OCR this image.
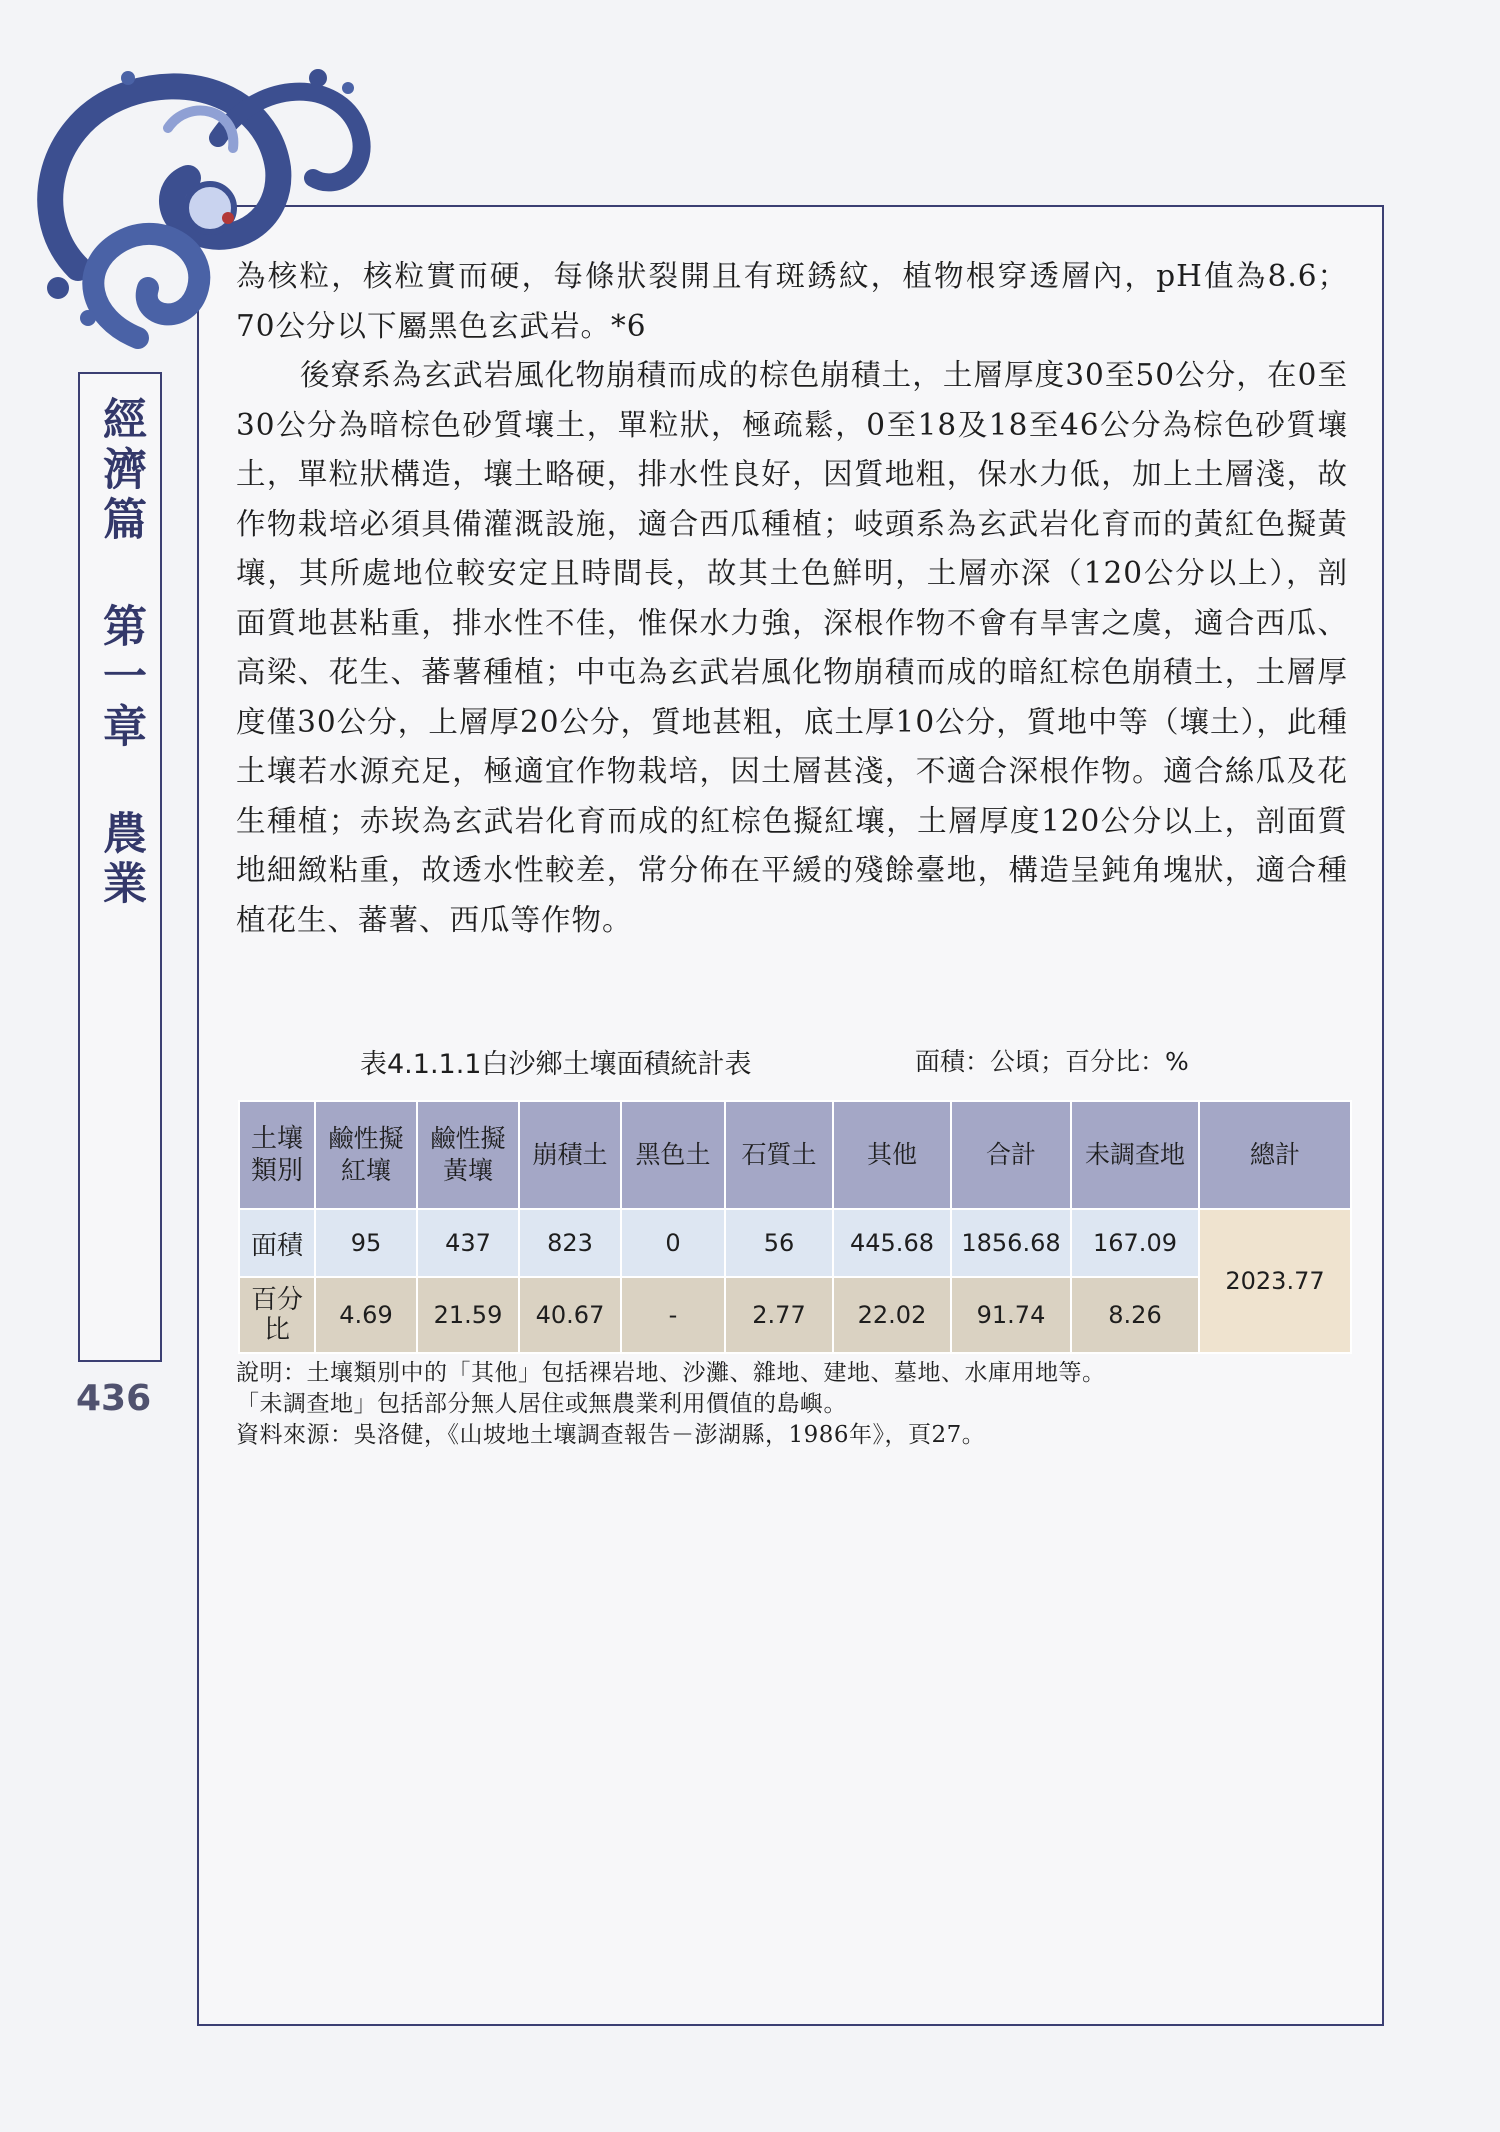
經濟篇 第一章 農業
436

為核粒，核粒實而硬，每條狀裂開且有斑銹紋，植物根穿透層內，pH值為8.6；70公分以下屬黑色玄武岩。*6

後寮系為玄武岩風化物崩積而成的棕色崩積土，土層厚度30至50公分，在0至30公分為暗棕色砂質壤土，單粒狀，極疏鬆，0至18及18至46公分為棕色砂質壤土，單粒狀構造，壤土略硬，排水性良好，因質地粗，保水力低，加上土層淺，故作物栽培必須具備灌溉設施，適合西瓜種植；岐頭系為玄武岩化育而的黃紅色擬黃壤，其所處地位較安定且時間長，故其土色鮮明，土層亦深（120公分以上），剖面質地甚粘重，排水性不佳，惟保水力強，深根作物不會有旱害之虞，適合西瓜、高梁、花生、蕃薯種植；中屯為玄武岩風化物崩積而成的暗紅棕色崩積土，土層厚度僅30公分，上層厚20公分，質地甚粗，底土厚10公分，質地中等（壤土），此種土壤若水源充足，極適宜作物栽培，因土層甚淺，不適合深根作物。適合絲瓜及花生種植；赤崁為玄武岩化育而成的紅棕色擬紅壤，土層厚度120公分以上，剖面質地細緻粘重，故透水性較差，常分佈在平緩的殘餘臺地，構造呈鈍角塊狀，適合種植花生、蕃薯、西瓜等作物。

表4.1.1.1白沙鄉土壤面積統計表	面積：公頃；百分比：%
土壤類別	鹼性擬紅壤	鹼性擬黃壤	崩積土	黑色土	石質土	其他	合計	未調查地	總計
面積	95	437	823	0	56	445.68	1856.68	167.09	2023.77
百分比	4.69	21.59	40.67	-	2.77	22.02	91.74	8.26	
說明：土壤類別中的「其他」包括裸岩地、沙灘、雜地、建地、墓地、水庫用地等。
「未調查地」包括部分無人居住或無農業利用價值的島嶼。
資料來源：吳洛健，《山坡地土壤調查報告－澎湖縣，1986年》，頁27。
